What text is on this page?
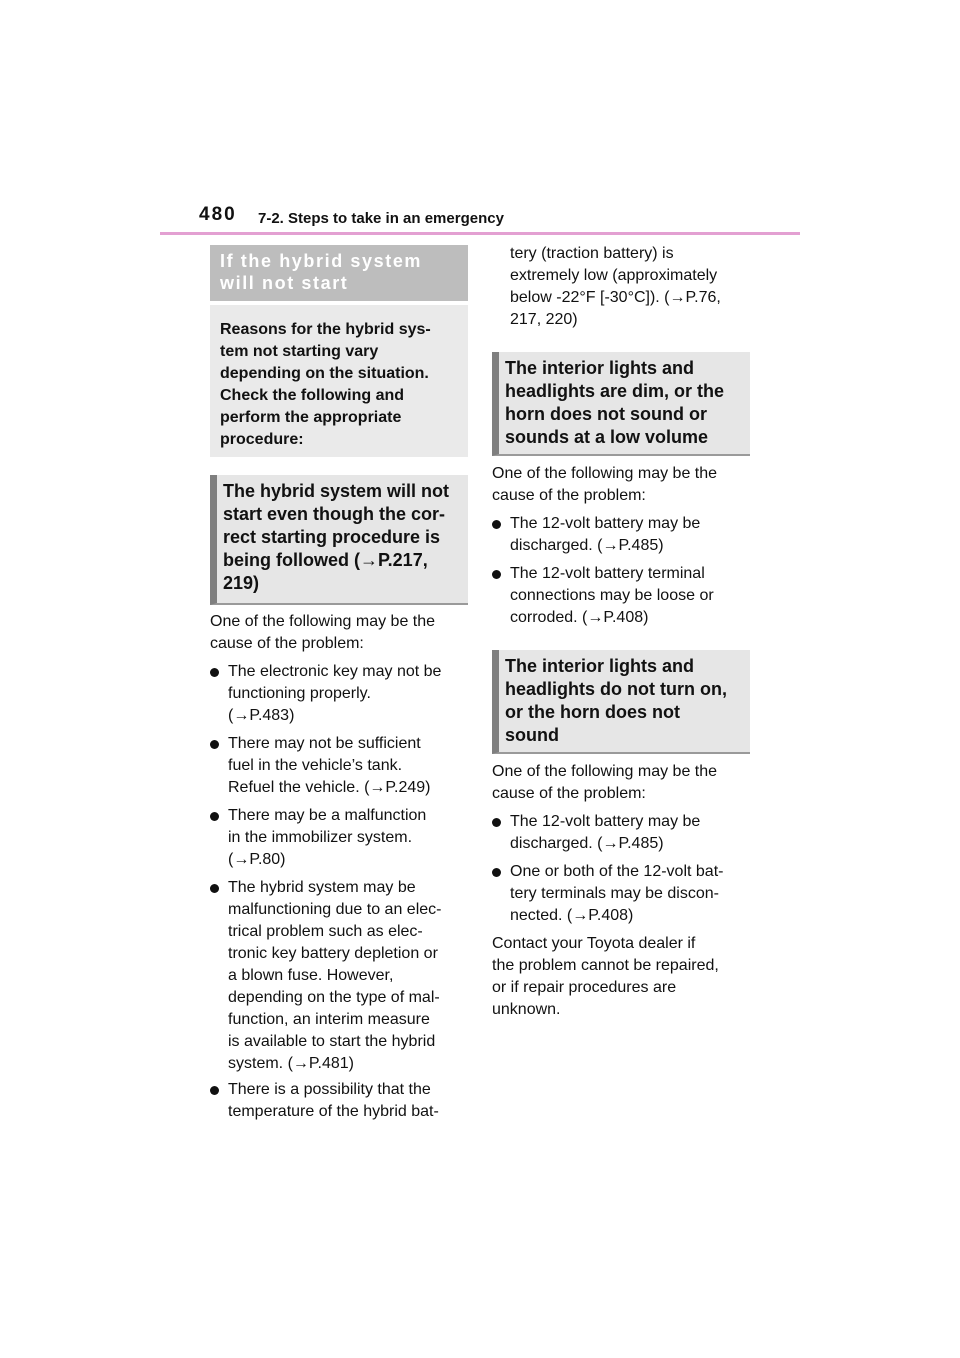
480 7-2. Steps to take in an emergency
If the hybrid system
will not start
Reasons for the hybrid sys-
tem not starting vary
depending on the situation.
Check the following and
perform the appropriate
procedure:
The hybrid system will not
start even though the cor-
rect starting procedure is
being followed (→P.217,
219)
One of the following may be the
cause of the problem:
The electronic key may not be
functioning properly.
(→P.483)
There may not be sufficient
fuel in the vehicle’s tank.
Refuel the vehicle. (→P.249)
There may be a malfunction
in the immobilizer system.
(→P.80)
The hybrid system may be
malfunctioning due to an elec-
trical problem such as elec-
tronic key battery depletion or
a blown fuse. However,
depending on the type of mal-
function, an interim measure
is available to start the hybrid
system. (→P.481)
There is a possibility that the
temperature of the hybrid bat-
tery (traction battery) is
extremely low (approximately
below -22°F [-30°C]). (→P.76,
217, 220)
The interior lights and
headlights are dim, or the
horn does not sound or
sounds at a low volume
One of the following may be the
cause of the problem:
The 12-volt battery may be
discharged. (→P.485)
The 12-volt battery terminal
connections may be loose or
corroded. (→P.408)
The interior lights and
headlights do not turn on,
or the horn does not
sound
One of the following may be the
cause of the problem:
The 12-volt battery may be
discharged. (→P.485)
One or both of the 12-volt bat-
tery terminals may be discon-
nected. (→P.408)
Contact your Toyota dealer if
the problem cannot be repaired,
or if repair procedures are
unknown.
